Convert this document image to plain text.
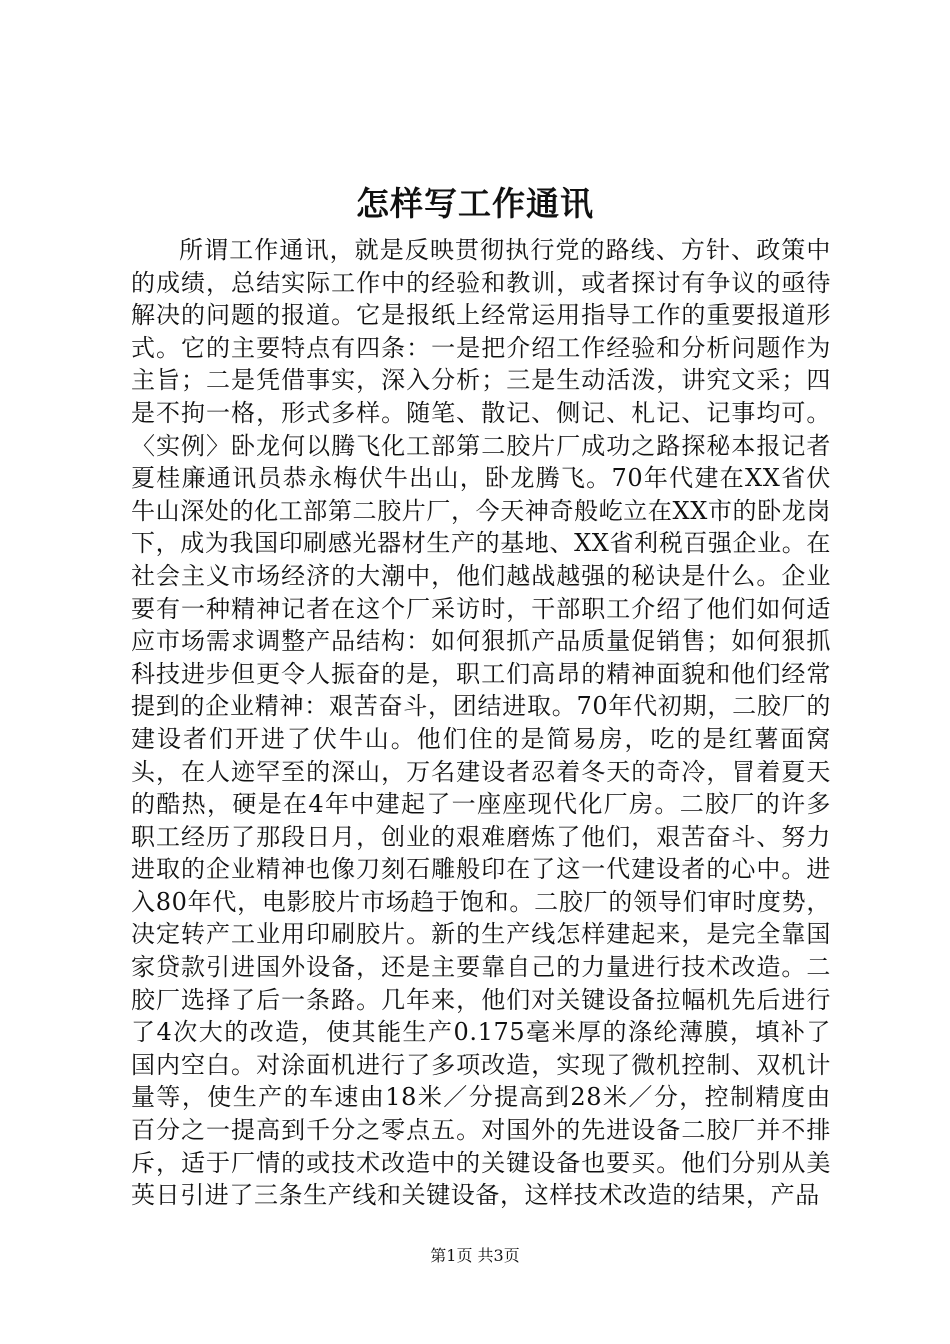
怎样写工作通讯

所谓工作通讯，就是反映贯彻执行党的路线、方针、政策中的成绩，总结实际工作中的经验和教训，或者探讨有争议的亟待解决的问题的报道。它是报纸上经常运用指导工作的重要报道形式。它的主要特点有四条：一是把介绍工作经验和分析问题作为主旨；二是凭借事实，深入分析；三是生动活泼，讲究文采；四是不拘一格，形式多样。随笔、散记、侧记、札记、记事均可。〈实例〉卧龙何以腾飞化工部第二胶片厂成功之路探秘本报记者夏桂廉通讯员恭永梅伏牛出山，卧龙腾飞。70年代建在XX省伏牛山深处的化工部第二胶片厂，今天神奇般屹立在XX市的卧龙岗下，成为我国印刷感光器材生产的基地、XX省利税百强企业。在社会主义市场经济的大潮中，他们越战越强的秘诀是什么。企业要有一种精神记者在这个厂采访时，干部职工介绍了他们如何适应市场需求调整产品结构：如何狠抓产品质量促销售；如何狠抓科技进步但更令人振奋的是，职工们高昂的精神面貌和他们经常提到的企业精神：艰苦奋斗，团结进取。70年代初期，二胶厂的建设者们开进了伏牛山。他们住的是简易房，吃的是红薯面窝头，在人迹罕至的深山，万名建设者忍着冬天的奇冷，冒着夏天的酷热，硬是在4年中建起了一座座现代化厂房。二胶厂的许多职工经历了那段日月，创业的艰难磨炼了他们，艰苦奋斗、努力进取的企业精神也像刀刻石雕般印在了这一代建设者的心中。进入80年代，电影胶片市场趋于饱和。二胶厂的领导们审时度势，决定转产工业用印刷胶片。新的生产线怎样建起来，是完全靠国家贷款引进国外设备，还是主要靠自己的力量进行技术改造。二胶厂选择了后一条路。几年来，他们对关键设备拉幅机先后进行了4次大的改造，使其能生产0.175毫米厚的涤纶薄膜，填补了国内空白。对涂面机进行了多项改造，实现了微机控制、双机计量等，使生产的车速由18米／分提高到28米／分，控制精度由百分之一提高到千分之零点五。对国外的先进设备二胶厂并不排斥，适于厂情的或技术改造中的关键设备也要买。他们分别从美英日引进了三条生产线和关键设备，这样技术改造的结果，产品

第1页 共3页
